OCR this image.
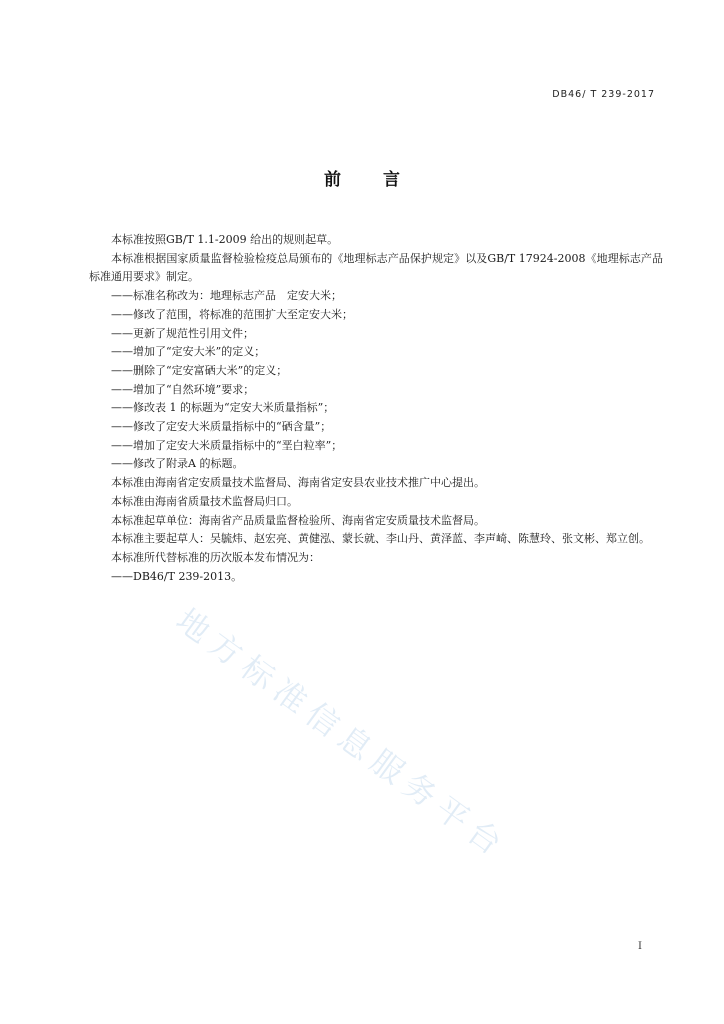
DB46/ T 239-2017
前 言

本标准按照GB/T 1.1-2009 给出的规则起草。

本标准根据国家质量监督检验检疫总局颁布的《地理标志产品保护规定》以及GB/T 17924-2008《地理标志产品标准通用要求》制定。

——标准名称改为：地理标志产品　定安大米；

——修改了范围，将标准的范围扩大至定安大米；

——更新了规范性引用文件；

——增加了“定安大米”的定义；

——删除了“定安富硒大米”的定义；

——增加了“自然环境”要求；

——修改表 1 的标题为“定安大米质量指标”；

——修改了定安大米质量指标中的“硒含量”；

——增加了定安大米质量指标中的“垩白粒率”；

——修改了附录A 的标题。

本标准由海南省定安质量技术监督局、海南省定安县农业技术推广中心提出。

本标准由海南省质量技术监督局归口。

本标准起草单位：海南省产品质量监督检验所、海南省定安质量技术监督局。

本标准主要起草人：吴毓炜、赵宏亮、黄健泓、蒙长就、李山丹、黄泽蓝、李声崎、陈慧玲、张文彬、郑立创。

本标准所代替标准的历次版本发布情况为：

——DB46/T 239-2013。

地方标准信息服务平台
I
